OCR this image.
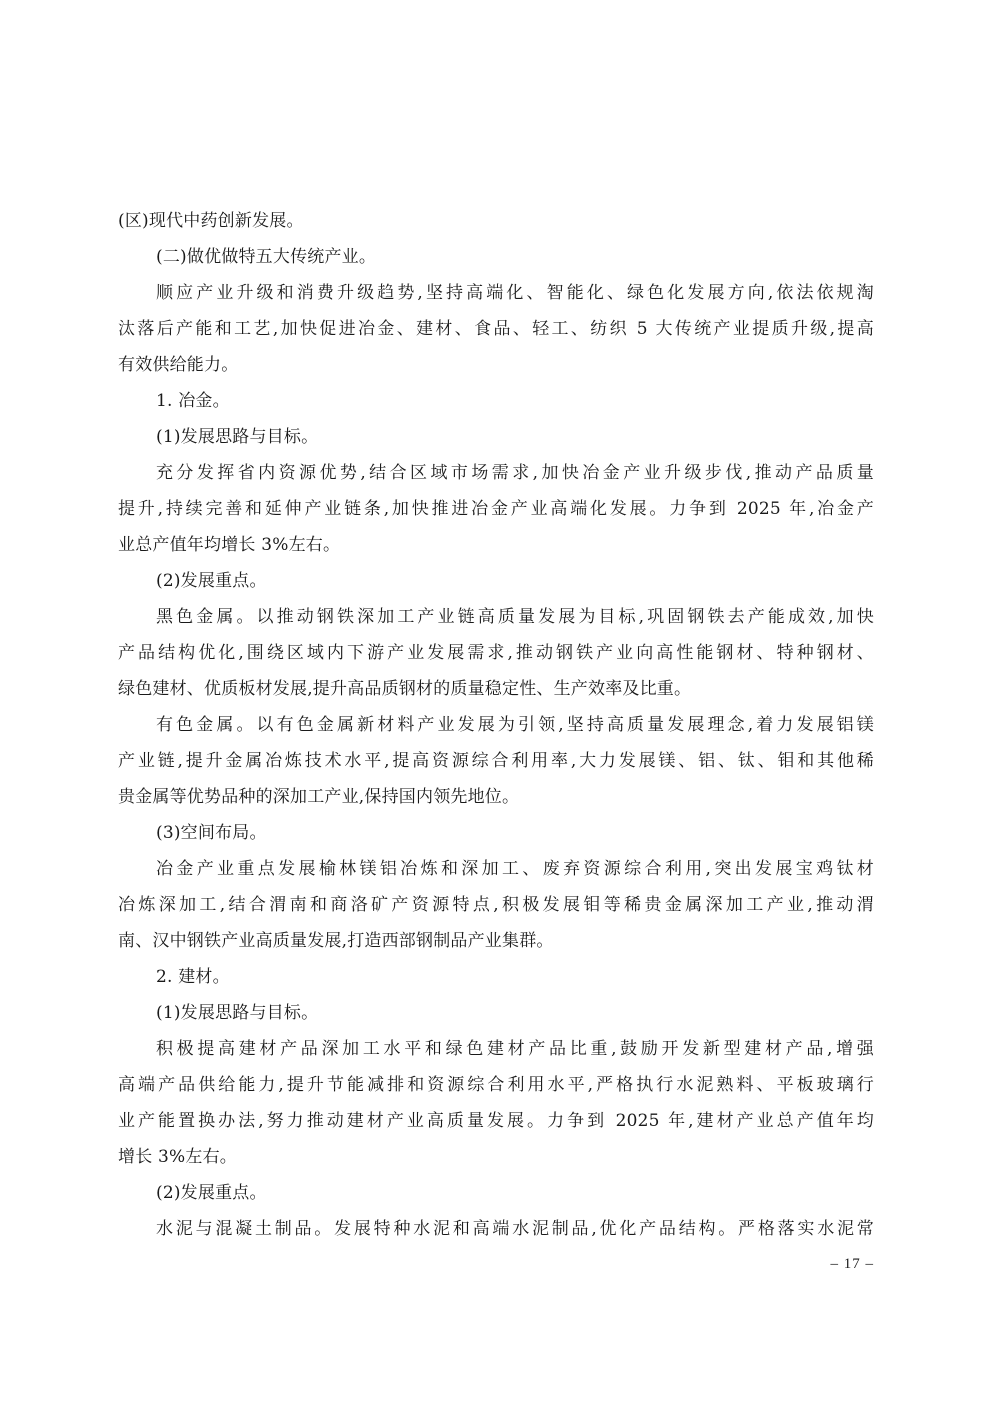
(区)现代中药创新发展。
(二)做优做特五大传统产业。
顺应产业升级和消费升级趋势,坚持高端化、智能化、绿色化发展方向,依法依规淘
汰落后产能和工艺,加快促进冶金、建材、食品、轻工、纺织 5 大传统产业提质升级,提高
有效供给能力。
1. 冶金。
(1)发展思路与目标。
充分发挥省内资源优势,结合区域市场需求,加快冶金产业升级步伐,推动产品质量
提升,持续完善和延伸产业链条,加快推进冶金产业高端化发展。力争到 2025 年,冶金产
业总产值年均增长 3%左右。
(2)发展重点。
黑色金属。以推动钢铁深加工产业链高质量发展为目标,巩固钢铁去产能成效,加快
产品结构优化,围绕区域内下游产业发展需求,推动钢铁产业向高性能钢材、特种钢材、
绿色建材、优质板材发展,提升高品质钢材的质量稳定性、生产效率及比重。
有色金属。以有色金属新材料产业发展为引领,坚持高质量发展理念,着力发展铝镁
产业链,提升金属冶炼技术水平,提高资源综合利用率,大力发展镁、铝、钛、钼和其他稀
贵金属等优势品种的深加工产业,保持国内领先地位。
(3)空间布局。
冶金产业重点发展榆林镁铝冶炼和深加工、废弃资源综合利用,突出发展宝鸡钛材
冶炼深加工,结合渭南和商洛矿产资源特点,积极发展钼等稀贵金属深加工产业,推动渭
南、汉中钢铁产业高质量发展,打造西部钢制品产业集群。
2. 建材。
(1)发展思路与目标。
积极提高建材产品深加工水平和绿色建材产品比重,鼓励开发新型建材产品,增强
高端产品供给能力,提升节能减排和资源综合利用水平,严格执行水泥熟料、平板玻璃行
业产能置换办法,努力推动建材产业高质量发展。力争到 2025 年,建材产业总产值年均
增长 3%左右。
(2)发展重点。
水泥与混凝土制品。发展特种水泥和高端水泥制品,优化产品结构。严格落实水泥常
– 17 –
